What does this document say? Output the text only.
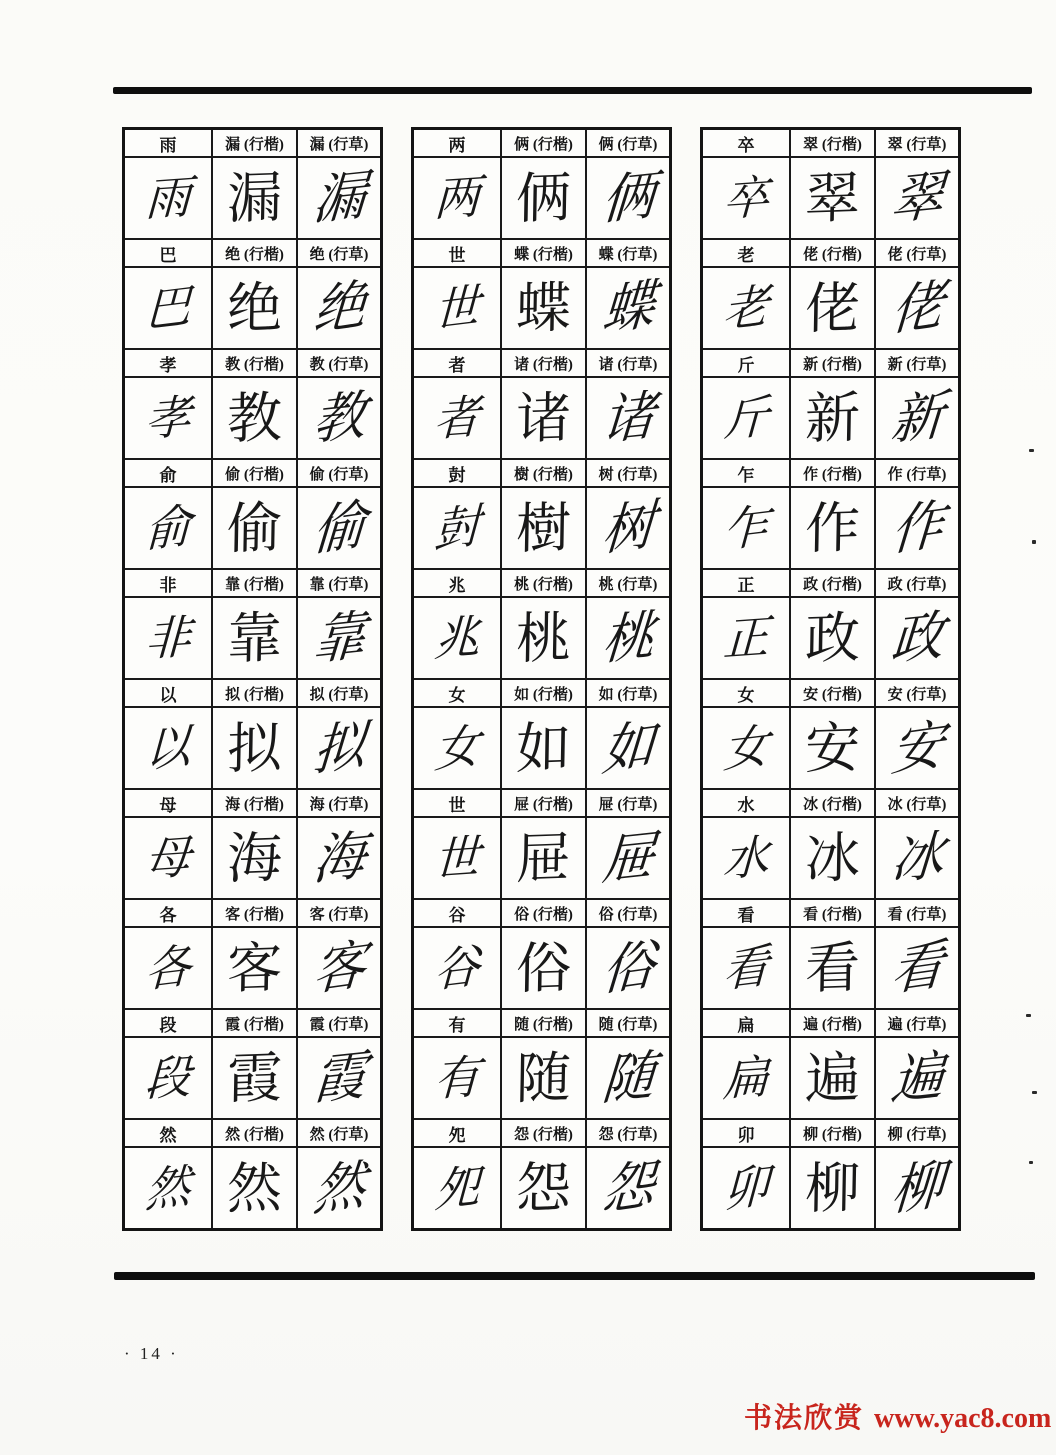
雨	漏 (行楷)	漏 (行草)
雨	漏	漏
巴	绝 (行楷)	绝 (行草)
巴	绝	绝
孝	教 (行楷)	教 (行草)
孝	教	教
俞	偷 (行楷)	偷 (行草)
俞	偷	偷
非	靠 (行楷)	靠 (行草)
非	靠	靠
以	拟 (行楷)	拟 (行草)
以	拟	拟
母	海 (行楷)	海 (行草)
母	海	海
各	客 (行楷)	客 (行草)
各	客	客
段	霞 (行楷)	霞 (行草)
段	霞	霞
然	然 (行楷)	然 (行草)
然	然	然
两	俩 (行楷)	俩 (行草)
两	俩	俩
世	蝶 (行楷)	蝶 (行草)
世	蝶	蝶
者	诸 (行楷)	诸 (行草)
者	诸	诸
尌	樹 (行楷)	树 (行草)
尌	樹	树
兆	桃 (行楷)	桃 (行草)
兆	桃	桃
女	如 (行楷)	如 (行草)
女	如	如
世	屉 (行楷)	屉 (行草)
世	屉	屉
谷	俗 (行楷)	俗 (行草)
谷	俗	俗
有	随 (行楷)	随 (行草)
有	随	随
夗	怨 (行楷)	怨 (行草)
夗	怨	怨
卒	翠 (行楷)	翠 (行草)
卒	翠	翠
老	佬 (行楷)	佬 (行草)
老	佬	佬
斤	新 (行楷)	新 (行草)
斤	新	新
乍	作 (行楷)	作 (行草)
乍	作	作
正	政 (行楷)	政 (行草)
正	政	政
女	安 (行楷)	安 (行草)
女	安	安
水	冰 (行楷)	冰 (行草)
水	冰	冰
看	看 (行楷)	看 (行草)
看	看	看
扁	遍 (行楷)	遍 (行草)
扁	遍	遍
卯	柳 (行楷)	柳 (行草)
卯	柳	柳
· 14 ·
书法欣赏 www.yac8.com
